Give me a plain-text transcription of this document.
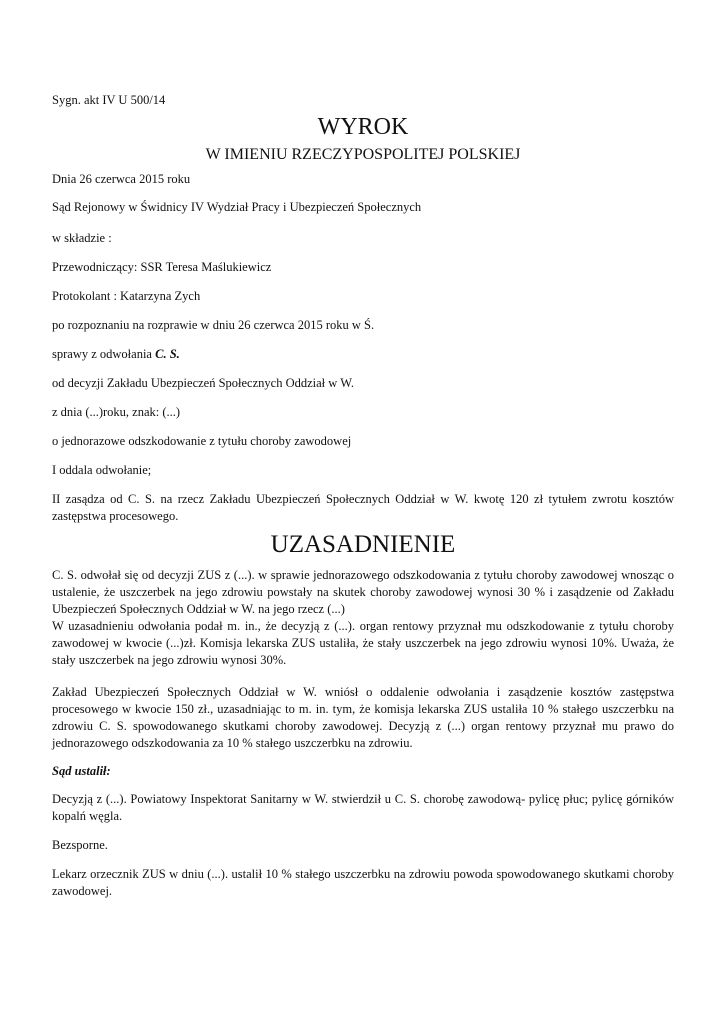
Sygn. akt IV U 500/14

WYROK

W IMIENIU RZECZYPOSPOLITEJ POLSKIEJ

Dnia 26 czerwca 2015 roku

Sąd Rejonowy w Świdnicy IV Wydział Pracy i Ubezpieczeń Społecznych

w składzie :

Przewodniczący: SSR Teresa Maślukiewicz

Protokolant : Katarzyna Zych

po rozpoznaniu na rozprawie w dniu 26 czerwca 2015 roku w Ś.

sprawy z odwołania C. S.

od decyzji Zakładu Ubezpieczeń Społecznych Oddział w W.

z dnia (...)roku, znak: (...)

o jednorazowe odszkodowanie z tytułu choroby zawodowej

I oddala odwołanie;

II zasądza od C. S. na rzecz Zakładu Ubezpieczeń Społecznych Oddział w W. kwotę 120 zł tytułem zwrotu kosztów zastępstwa procesowego.

UZASADNIENIE

C. S. odwołał się od decyzji ZUS z (...). w sprawie jednorazowego odszkodowania z tytułu choroby zawodowej wnosząc o ustalenie, że uszczerbek na jego zdrowiu powstały na skutek choroby zawodowej wynosi 30 % i zasądzenie od Zakładu Ubezpieczeń Społecznych Oddział w W. na jego rzecz (...)

W uzasadnieniu odwołania podał m. in., że decyzją z (...). organ rentowy przyznał mu odszkodowanie z tytułu choroby zawodowej w kwocie (...)zł. Komisja lekarska ZUS ustaliła, że stały uszczerbek na jego zdrowiu wynosi 10%. Uważa, że stały uszczerbek na jego zdrowiu wynosi 30%.

Zakład Ubezpieczeń Społecznych Oddział w W. wniósł o oddalenie odwołania i zasądzenie kosztów zastępstwa procesowego w kwocie 150 zł., uzasadniając to m. in. tym, że komisja lekarska ZUS ustaliła 10 % stałego uszczerbku na zdrowiu C. S. spowodowanego skutkami choroby zawodowej. Decyzją z (...) organ rentowy przyznał mu prawo do jednorazowego odszkodowania za 10 % stałego uszczerbku na zdrowiu.

Sąd ustalił:

Decyzją z (...). Powiatowy Inspektorat Sanitarny w W. stwierdził u C. S. chorobę zawodową- pylicę płuc; pylicę górników kopalń węgla.

Bezsporne.

Lekarz orzecznik ZUS w dniu (...). ustalił 10 % stałego uszczerbku na zdrowiu powoda spowodowanego skutkami choroby zawodowej.
